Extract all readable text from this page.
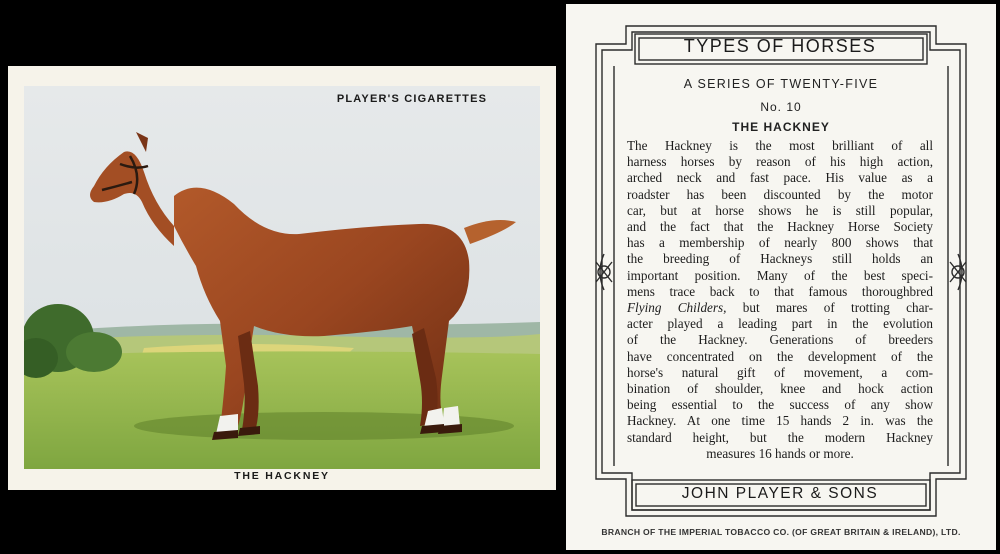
PLAYER'S CIGARETTES
THE HACKNEY
TYPES OF HORSES
A SERIES OF TWENTY-FIVE
No. 10
THE HACKNEY
The Hackney is the most brilliant of all
harness horses by reason of his high action,
arched neck and fast pace. His value as a
roadster has been discounted by the motor
car, but at horse shows he is still popular,
and the fact that the Hackney Horse Society
has a membership of nearly 800 shows that
the breeding of Hackneys still holds an
important position. Many of the best speci-
mens trace back to that famous thoroughbred
Flying Childers, but mares of trotting char-
acter played a leading part in the evolution
of the Hackney. Generations of breeders
have concentrated on the development of the
horse's natural gift of movement, a com-
bination of shoulder, knee and hock action
being essential to the success of any show
Hackney. At one time 15 hands 2 in. was the
standard height, but the modern Hackney
measures 16 hands or more.
JOHN PLAYER & SONS
BRANCH OF THE IMPERIAL TOBACCO CO. (OF GREAT BRITAIN & IRELAND), LTD.
